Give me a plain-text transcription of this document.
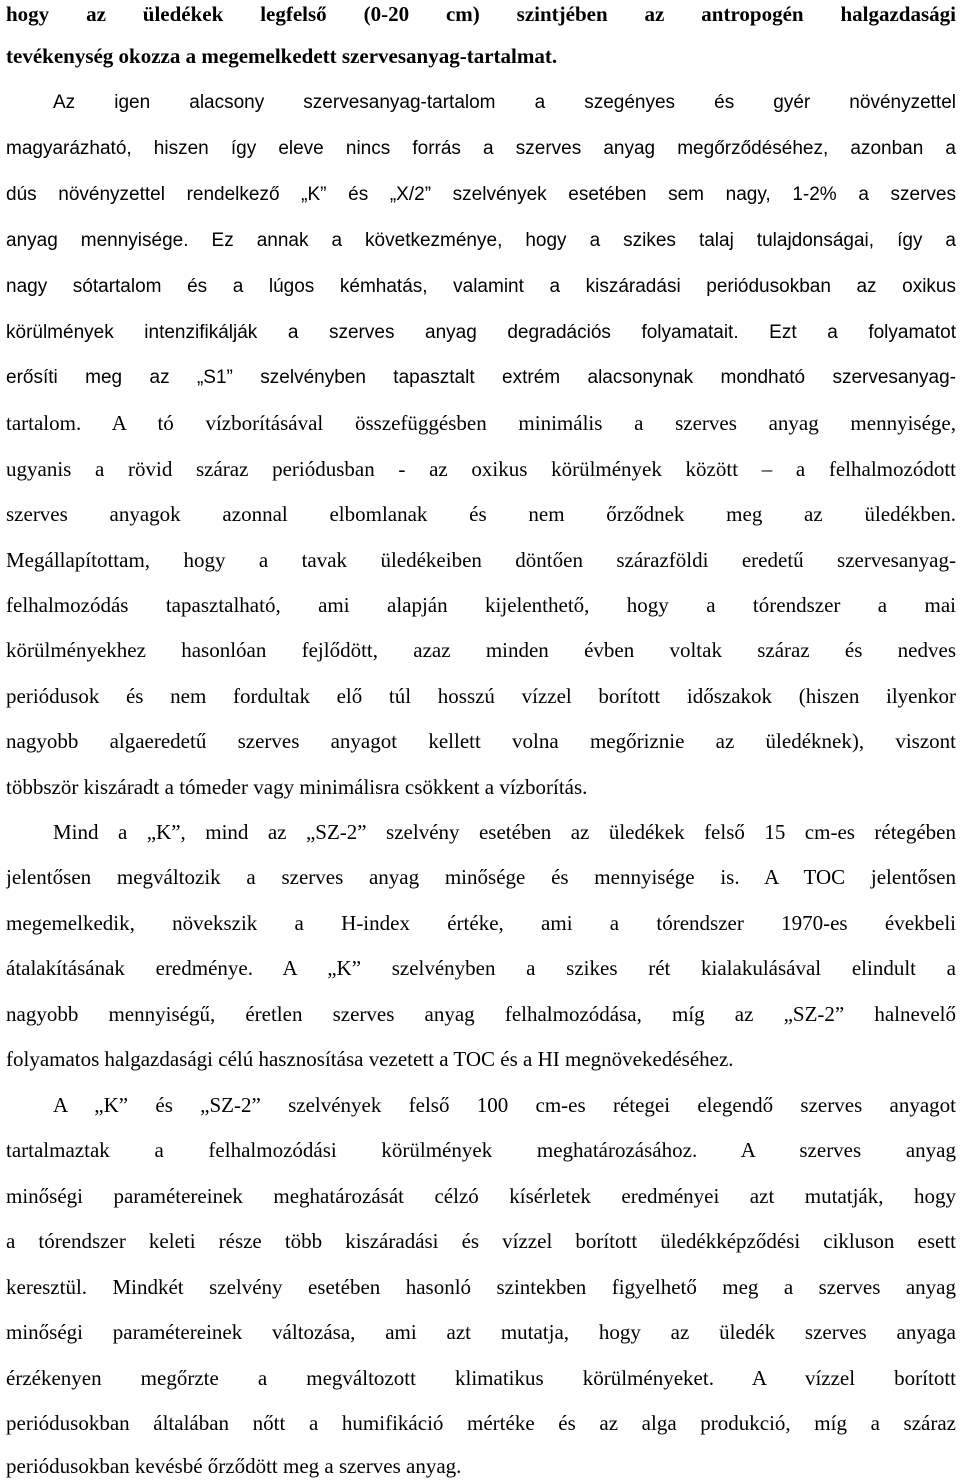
hogy az üledékek legfelső (0-20 cm) szintjében az antropogén halgazdasági
tevékenység okozza a megemelkedett szervesanyag-tartalmat.
Az igen alacsony szervesanyag-tartalom a szegényes és gyér növényzettel
magyarázható, hiszen így eleve nincs forrás a szerves anyag megőrződéséhez, azonban a
dús növényzettel rendelkező „K” és „X/2” szelvények esetében sem nagy, 1-2% a szerves
anyag mennyisége. Ez annak a következménye, hogy a szikes talaj tulajdonságai, így a
nagy sótartalom és a lúgos kémhatás, valamint a kiszáradási periódusokban az oxikus
körülmények intenzifikálják a szerves anyag degradációs folyamatait. Ezt a folyamatot
erősíti meg az „S1” szelvényben tapasztalt extrém alacsonynak mondható szervesanyag-
tartalom. A tó vízborításával összefüggésben minimális a szerves anyag mennyisége,
ugyanis a rövid száraz periódusban - az oxikus körülmények között – a felhalmozódott
szerves anyagok azonnal elbomlanak és nem őrződnek meg az üledékben.
Megállapítottam, hogy a tavak üledékeiben döntően szárazföldi eredetű szervesanyag-
felhalmozódás tapasztalható, ami alapján kijelenthető, hogy a tórendszer a mai
körülményekhez hasonlóan fejlődött, azaz minden évben voltak száraz és nedves
periódusok és nem fordultak elő túl hosszú vízzel borított időszakok (hiszen ilyenkor
nagyobb algaeredetű szerves anyagot kellett volna megőriznie az üledéknek), viszont
többször kiszáradt a tómeder vagy minimálisra csökkent a vízborítás.
Mind a „K”, mind az „SZ-2” szelvény esetében az üledékek felső 15 cm-es rétegében
jelentősen megváltozik a szerves anyag minősége és mennyisége is. A TOC jelentősen
megemelkedik, növekszik a H-index értéke, ami a tórendszer 1970-es évekbeli
átalakításának eredménye. A „K” szelvényben a szikes rét kialakulásával elindult a
nagyobb mennyiségű, éretlen szerves anyag felhalmozódása, míg az „SZ-2” halnevelő
folyamatos halgazdasági célú hasznosítása vezetett a TOC és a HI megnövekedéséhez.
A „K” és „SZ-2” szelvények felső 100 cm-es rétegei elegendő szerves anyagot
tartalmaztak a felhalmozódási körülmények meghatározásához. A szerves anyag
minőségi paramétereinek meghatározását célzó kísérletek eredményei azt mutatják, hogy
a tórendszer keleti része több kiszáradási és vízzel borított üledékképződési cikluson esett
keresztül. Mindkét szelvény esetében hasonló szintekben figyelhető meg a szerves anyag
minőségi paramétereinek változása, ami azt mutatja, hogy az üledék szerves anyaga
érzékenyen megőrzte a megváltozott klimatikus körülményeket. A vízzel borított
periódusokban általában nőtt a humifikáció mértéke és az alga produkció, míg a száraz
periódusokban kevésbé őrződött meg a szerves anyag.
